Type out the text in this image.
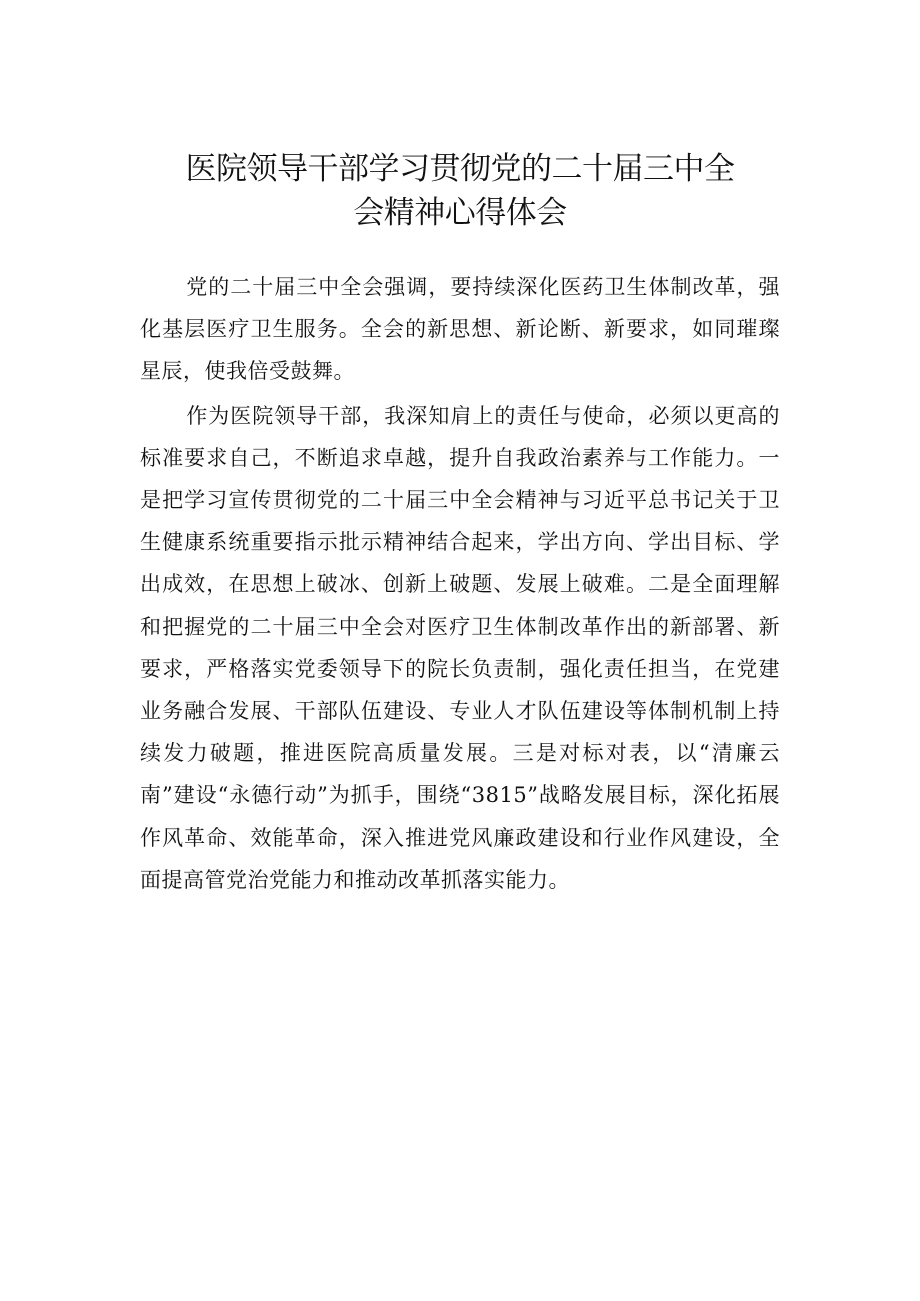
医院领导干部学习贯彻党的二十届三中全
会精神心得体会

党的二十届三中全会强调，要持续深化医药卫生体制改革，强化基层医疗卫生服务。全会的新思想、新论断、新要求，如同璀璨星辰，使我倍受鼓舞。

作为医院领导干部，我深知肩上的责任与使命，必须以更高的标准要求自己，不断追求卓越，提升自我政治素养与工作能力。一是把学习宣传贯彻党的二十届三中全会精神与习近平总书记关于卫生健康系统重要指示批示精神结合起来，学出方向、学出目标、学出成效，在思想上破冰、创新上破题、发展上破难。二是全面理解和把握党的二十届三中全会对医疗卫生体制改革作出的新部署、新要求，严格落实党委领导下的院长负责制，强化责任担当，在党建业务融合发展、干部队伍建设、专业人才队伍建设等体制机制上持续发力破题，推进医院高质量发展。三是对标对表，以“清廉云南”建设“永德行动”为抓手，围绕“3815”战略发展目标，深化拓展作风革命、效能革命，深入推进党风廉政建设和行业作风建设，全面提高管党治党能力和推动改革抓落实能力。
